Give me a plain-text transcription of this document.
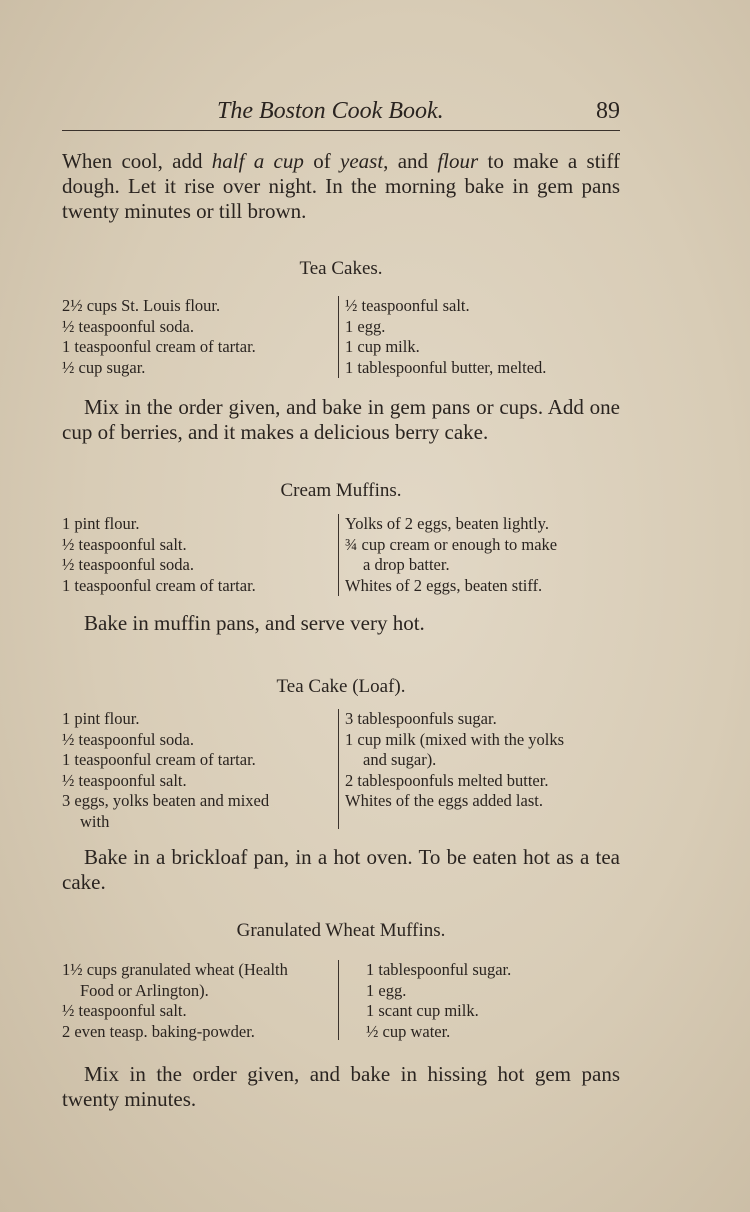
The Boston Cook Book.	89

When cool, add half a cup of yeast, and flour to make a stiff dough. Let it rise over night. In the morning bake in gem pans twenty minutes or till brown.

Tea Cakes.
2½ cups St. Louis flour.
½ teaspoonful soda.
1 teaspoonful cream of tartar.
½ cup sugar.
½ teaspoonful salt.
1 egg.
1 cup milk.
1 tablespoonful butter, melted.

Mix in the order given, and bake in gem pans or cups. Add one cup of berries, and it makes a delicious berry cake.

Cream Muffins.
1 pint flour.
½ teaspoonful salt.
½ teaspoonful soda.
1 teaspoonful cream of tartar.
Yolks of 2 eggs, beaten lightly.
¾ cup cream or enough to make
a drop batter.
Whites of 2 eggs, beaten stiff.

Bake in muffin pans, and serve very hot.

Tea Cake (Loaf).
1 pint flour.
½ teaspoonful soda.
1 teaspoonful cream of tartar.
½ teaspoonful salt.
3 eggs, yolks beaten and mixed
with
3 tablespoonfuls sugar.
1 cup milk (mixed with the yolks
and sugar).
2 tablespoonfuls melted butter.
Whites of the eggs added last.

Bake in a brickloaf pan, in a hot oven. To be eaten hot as a tea cake.

Granulated Wheat Muffins.
1½ cups granulated wheat (Health
Food or Arlington).
½ teaspoonful salt.
2 even teasp. baking-powder.
1 tablespoonful sugar.
1 egg.
1 scant cup milk.
½ cup water.

Mix in the order given, and bake in hissing hot gem pans twenty minutes.
